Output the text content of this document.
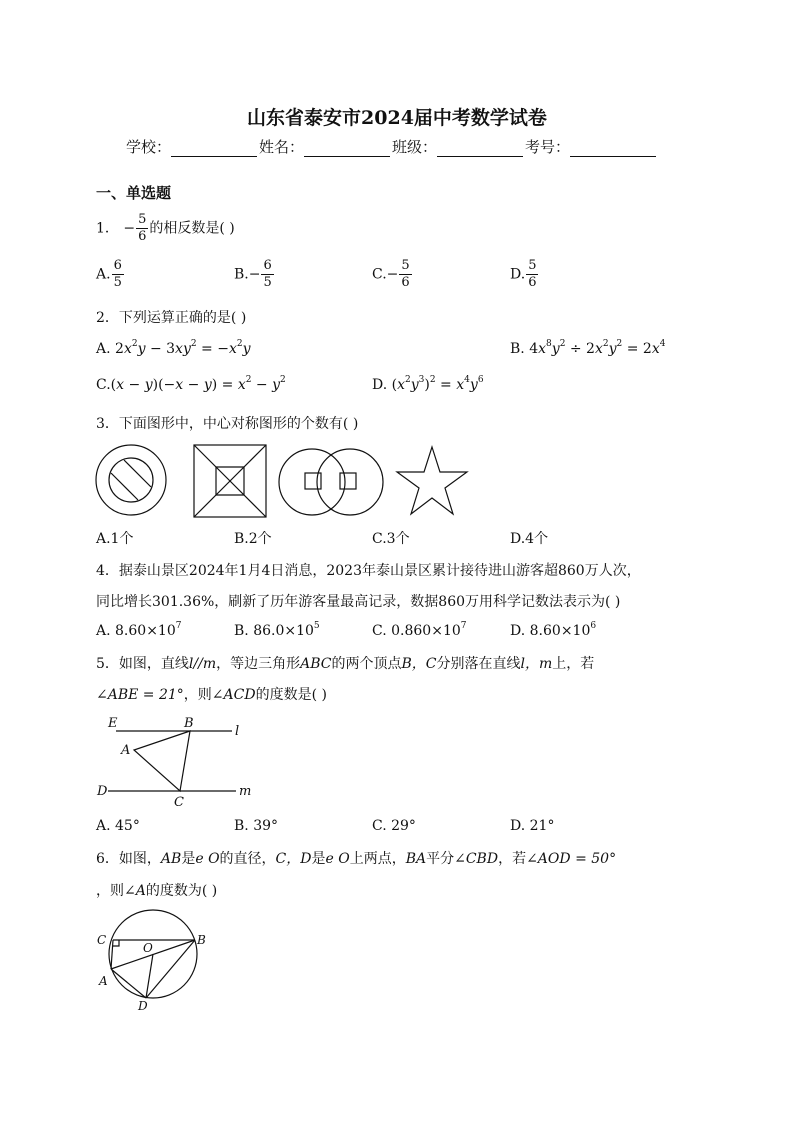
山东省泰安市2024届中考数学试卷
学校：	姓名：	班级：	考号：
一、单选题
1． − $\frac{5}{6}$ 的相反数是( )
A. $\frac{6}{5}$	$B.- \frac{6}{5}$	$C.- \frac{5}{6}$	D. $\frac{5}{6}$
2．下列运算正确的是( )
A. $2x^2y - 3xy^2 = -x^2y$	B. $4x^8y^2 \div 2x^2y^2 = 2x^4$
$C.(x - y)(-x - y) = x^2 - y^2$	D. $(x^2y^3)^2 = x^4y^6$
3．下面图形中，中心对称图形的个数有( )
A.1个	B.2个	C.3个	D.4个
4．据泰山景区2024年1月4日消息，2023年泰山景区累计接待进山游客超860万人次，
同比增长301.36%，刷新了历年游客量最高记录，数据860万用科学记数法表示为( )
A. $8.60\times 10^7$	B. $86.0\times 10^5$	C. $0.860\times 10^7$	D. $8.60\times 10^6$
5．如图，直线l//m，等边三角形ABC的两个顶点B，C分别落在直线l，m上，若
∠ABE = 21°，则∠ACD的度数是( )
E	B
l
A
D
C
m
A. 45°	B. 39°	C. 29°	D. 21°
6．如图，AB是e O的直径，C，D是e O上两点，BA平分∠CBD，若∠AOD = 50°
，则∠A的度数为( )
C
O
B
A
D
